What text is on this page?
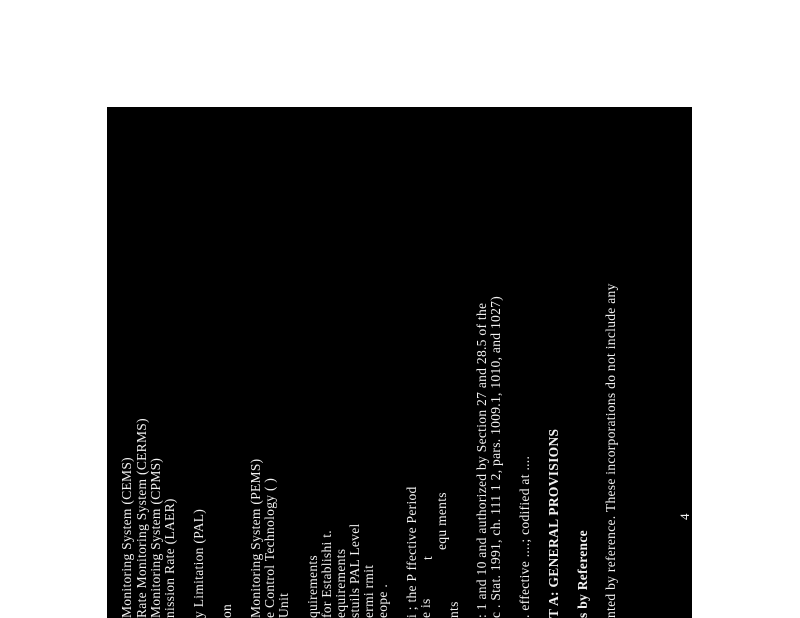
Monitoring System (CEMS) Rate Monitoring System (CERMS) Monitoring System (CPMS) nission Rate (LAER) y Limitation (PAL) on Monitoring System (PEMS) e Control Technology ( ) Unit quirements for Establishi t. equirements stuils PAL Level ermi rmit eope . i ; the P ffective Period e is
t
equ ments
nts : 1 and 10 and authorized by Section 27 and 28.5 of the c . Stat. 1991, ch. 111 1 2, pars. 1009.1, 1010, and 1027) . effective ....; codified at .... T A: GENERAL PROVISIONS s by Reference nted by reference. These incorporations do not include any	4
